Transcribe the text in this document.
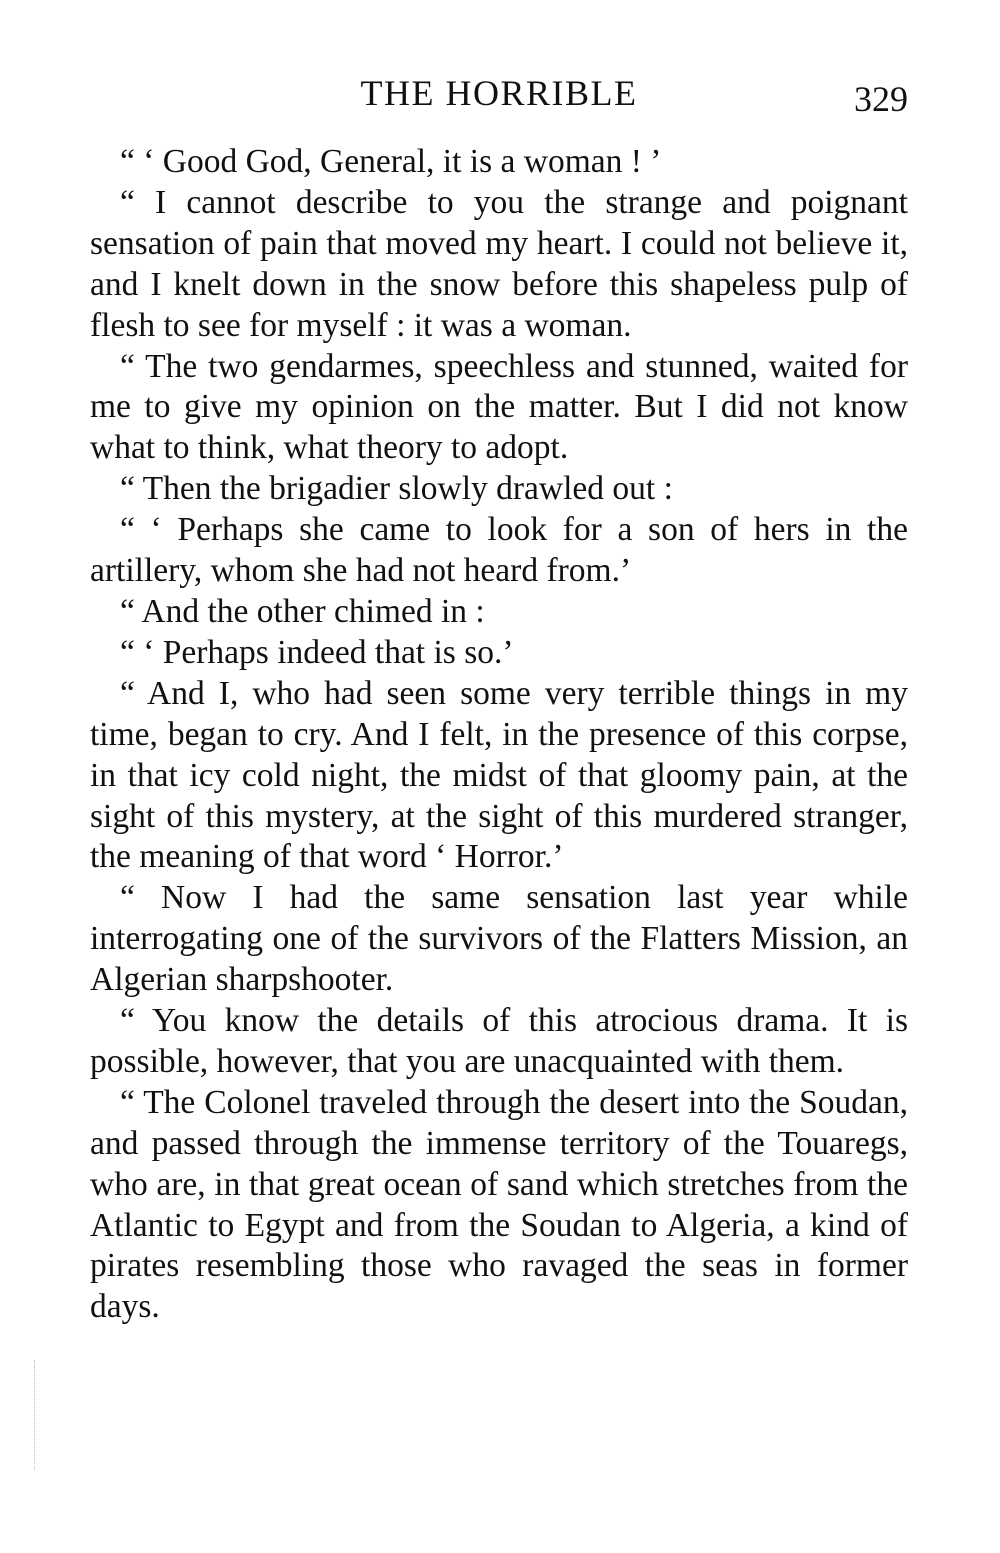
THE HORRIBLE	329

“ ‘ Good God, General, it is a woman ! ’

“ I cannot describe to you the strange and poignant sensation of pain that moved my heart. I could not believe it, and I knelt down in the snow before this shapeless pulp of flesh to see for myself : it was a woman.

“ The two gendarmes, speechless and stunned, waited for me to give my opinion on the matter. But I did not know what to think, what theory to adopt.

“ Then the brigadier slowly drawled out :

“ ‘ Perhaps she came to look for a son of hers in the artillery, whom she had not heard from.’

“ And the other chimed in :

“ ‘ Perhaps indeed that is so.’

“ And I, who had seen some very terrible things in my time, began to cry. And I felt, in the presence of this corpse, in that icy cold night, the midst of that gloomy pain, at the sight of this mystery, at the sight of this murdered stranger, the meaning of that word ‘ Horror.’

“ Now I had the same sensation last year while interrogating one of the survivors of the Flatters Mission, an Algerian sharpshooter.

“ You know the details of this atrocious drama. It is possible, however, that you are unacquainted with them.

“ The Colonel traveled through the desert into the Soudan, and passed through the immense territory of the Touaregs, who are, in that great ocean of sand which stretches from the Atlantic to Egypt and from the Soudan to Algeria, a kind of pirates resembling those who ravaged the seas in former days.
